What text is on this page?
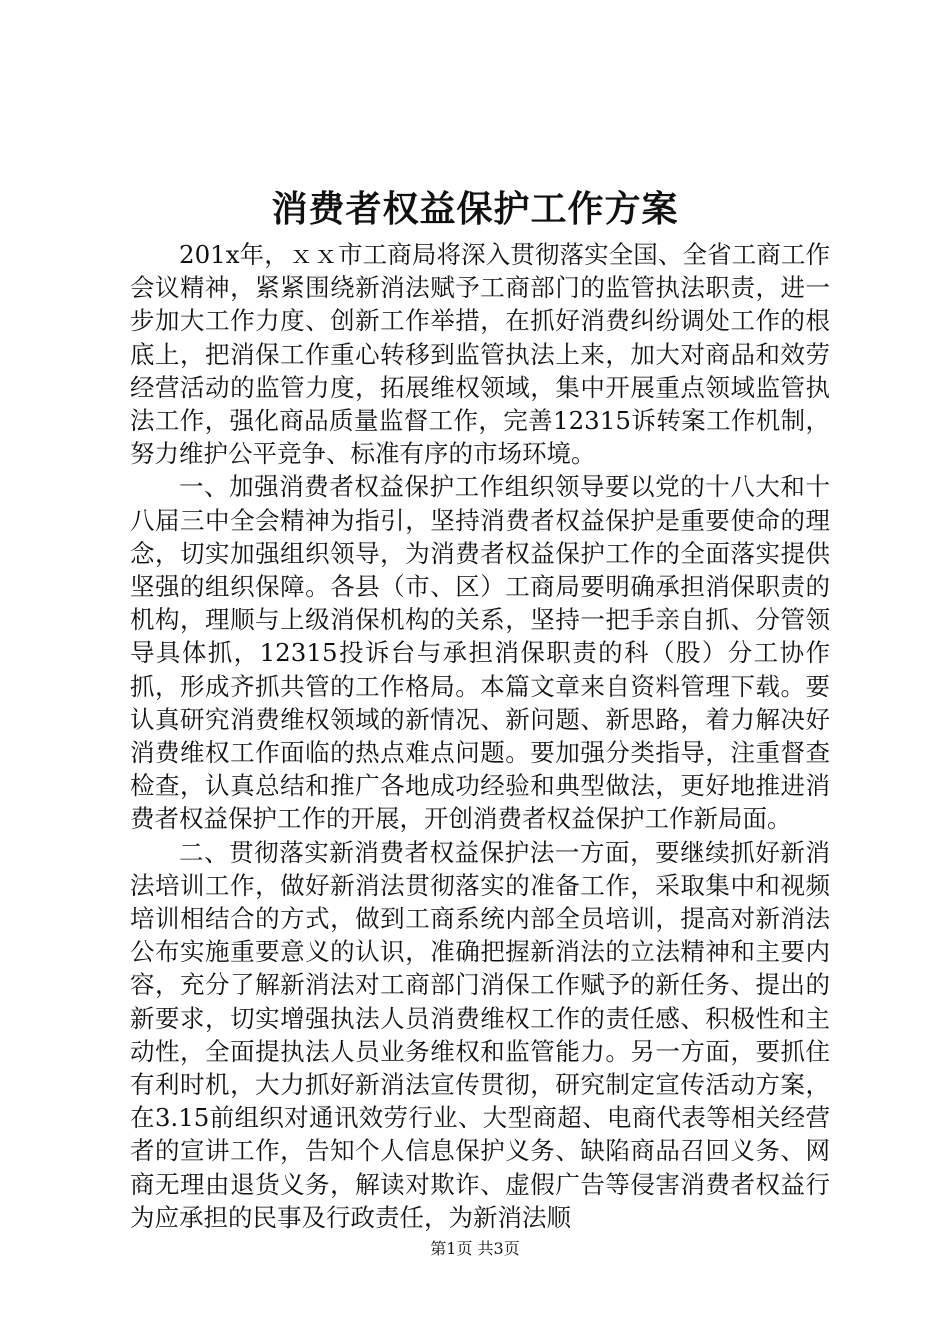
消费者权益保护工作方案

201x年，ｘｘ市工商局将深入贯彻落实全国、全省工商工作会议精神，紧紧围绕新消法赋予工商部门的监管执法职责，进一步加大工作力度、创新工作举措，在抓好消费纠纷调处工作的根底上，把消保工作重心转移到监管执法上来，加大对商品和效劳经营活动的监管力度，拓展维权领域，集中开展重点领域监管执法工作，强化商品质量监督工作，完善12315诉转案工作机制，努力维护公平竞争、标准有序的市场环境。

一、加强消费者权益保护工作组织领导要以党的十八大和十八届三中全会精神为指引，坚持消费者权益保护是重要使命的理念，切实加强组织领导，为消费者权益保护工作的全面落实提供坚强的组织保障。各县（市、区）工商局要明确承担消保职责的机构，理顺与上级消保机构的关系，坚持一把手亲自抓、分管领导具体抓，12315投诉台与承担消保职责的科（股）分工协作抓，形成齐抓共管的工作格局。本篇文章来自资料管理下载。要认真研究消费维权领域的新情况、新问题、新思路，着力解决好消费维权工作面临的热点难点问题。要加强分类指导，注重督查检查，认真总结和推广各地成功经验和典型做法，更好地推进消费者权益保护工作的开展，开创消费者权益保护工作新局面。

二、贯彻落实新消费者权益保护法一方面，要继续抓好新消法培训工作，做好新消法贯彻落实的准备工作，采取集中和视频培训相结合的方式，做到工商系统内部全员培训，提高对新消法公布实施重要意义的认识，准确把握新消法的立法精神和主要内容，充分了解新消法对工商部门消保工作赋予的新任务、提出的新要求，切实增强执法人员消费维权工作的责任感、积极性和主动性，全面提执法人员业务维权和监管能力。另一方面，要抓住有利时机，大力抓好新消法宣传贯彻，研究制定宣传活动方案，在3.15前组织对通讯效劳行业、大型商超、电商代表等相关经营者的宣讲工作，告知个人信息保护义务、缺陷商品召回义务、网商无理由退货义务，解读对欺诈、虚假广告等侵害消费者权益行为应承担的民事及行政责任，为新消法顺

第1页 共3页
